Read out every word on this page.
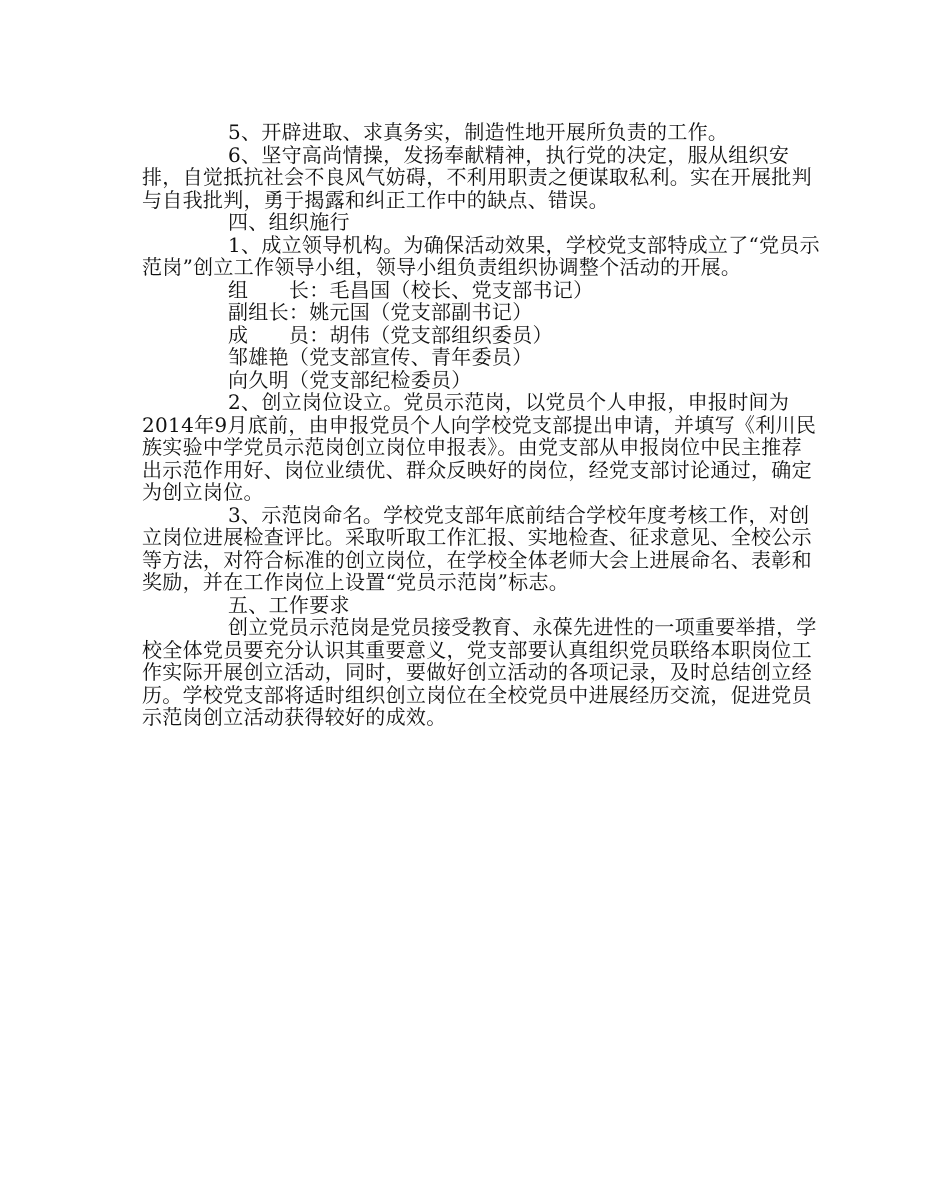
5、开辟进取、求真务实，制造性地开展所负责的工作。

6、坚守高尚情操，发扬奉献精神，执行党的决定，服从组织安排，自觉抵抗社会不良风气妨碍，不利用职责之便谋取私利。实在开展批判与自我批判，勇于揭露和纠正工作中的缺点、错误。

四、组织施行

1、成立领导机构。为确保活动效果，学校党支部特成立了“党员示范岗”创立工作领导小组，领导小组负责组织协调整个活动的开展。

组　　长：毛昌国（校长、党支部书记）

副组长：姚元国（党支部副书记）

成　　员：胡伟（党支部组织委员）

邹雄艳（党支部宣传、青年委员）

向久明（党支部纪检委员）

2、创立岗位设立。党员示范岗，以党员个人申报，申报时间为2014年9月底前，由申报党员个人向学校党支部提出申请，并填写《利川民族实验中学党员示范岗创立岗位申报表》。由党支部从申报岗位中民主推荐出示范作用好、岗位业绩优、群众反映好的岗位，经党支部讨论通过，确定为创立岗位。

3、示范岗命名。学校党支部年底前结合学校年度考核工作，对创立岗位进展检查评比。采取听取工作汇报、实地检查、征求意见、全校公示等方法，对符合标准的创立岗位，在学校全体老师大会上进展命名、表彰和奖励，并在工作岗位上设置“党员示范岗”标志。

五、工作要求

创立党员示范岗是党员接受教育、永葆先进性的一项重要举措，学校全体党员要充分认识其重要意义，党支部要认真组织党员联络本职岗位工作实际开展创立活动，同时，要做好创立活动的各项记录，及时总结创立经历。学校党支部将适时组织创立岗位在全校党员中进展经历交流，促进党员示范岗创立活动获得较好的成效。
